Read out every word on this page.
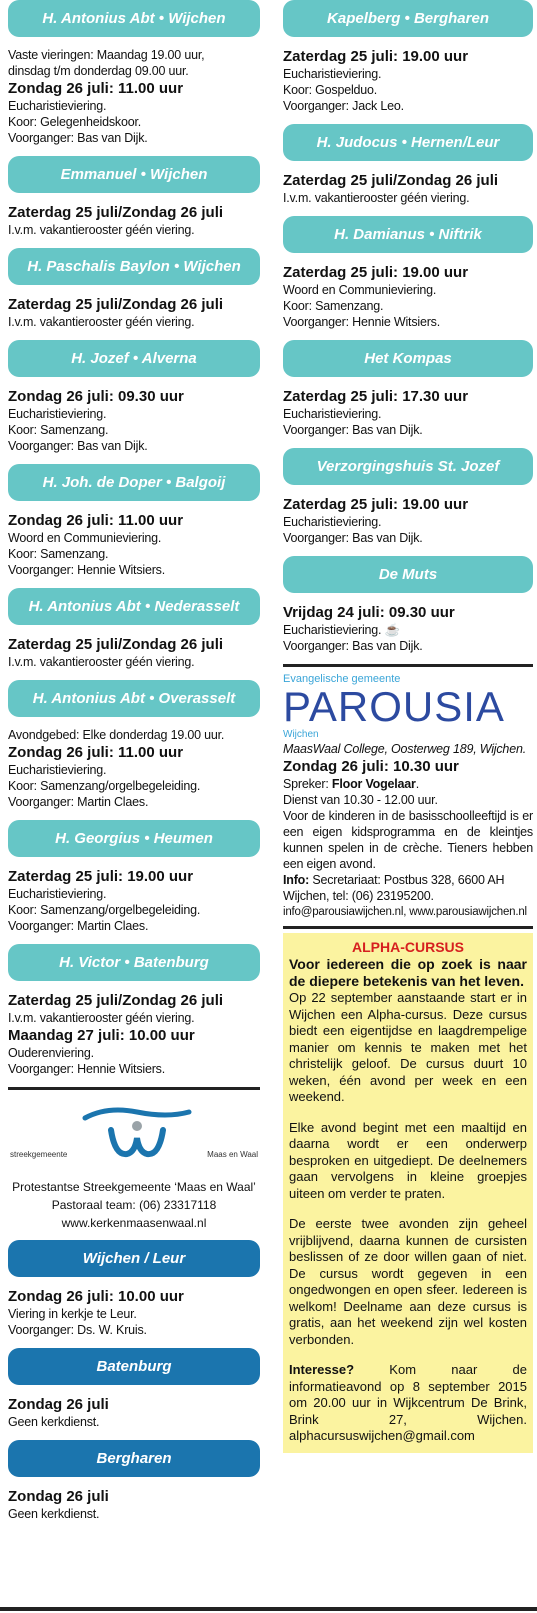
H. Antonius Abt • Wijchen
Vaste vieringen: Maandag 19.00 uur,
dinsdag t/m donderdag 09.00 uur.
Zondag 26 juli: 11.00 uur
Eucharistieviering.
Koor: Gelegenheidskoor.
Voorganger: Bas van Dijk.
Emmanuel • Wijchen
Zaterdag 25 juli/Zondag 26 juli
I.v.m. vakantierooster géén viering.
H. Paschalis Baylon • Wijchen
Zaterdag 25 juli/Zondag 26 juli
I.v.m. vakantierooster géén viering.
H. Jozef • Alverna
Zondag 26 juli: 09.30 uur
Eucharistieviering.
Koor: Samenzang.
Voorganger: Bas van Dijk.
H. Joh. de Doper • Balgoij
Zondag 26 juli: 11.00 uur
Woord en Communieviering.
Koor: Samenzang.
Voorganger: Hennie Witsiers.
H. Antonius Abt • Nederasselt
Zaterdag 25 juli/Zondag 26 juli
I.v.m. vakantierooster géén viering.
H. Antonius Abt • Overasselt
Avondgebed: Elke donderdag 19.00 uur.
Zondag 26 juli: 11.00 uur
Eucharistieviering.
Koor: Samenzang/orgelbegeleiding.
Voorganger: Martin Claes.
H. Georgius • Heumen
Zaterdag 25 juli: 19.00 uur
Eucharistieviering.
Koor: Samenzang/orgelbegeleiding.
Voorganger: Martin Claes.
H. Victor • Batenburg
Zaterdag 25 juli/Zondag 26 juli
I.v.m. vakantierooster géén viering.
Maandag 27 juli: 10.00 uur
Ouderenviering.
Voorganger: Hennie Witsiers.
streekgemeente	Maas en Waal
Protestantse Streekgemeente ‘Maas en Waal’
Pastoraal team: (06) 23317118
www.kerkenmaasenwaal.nl
Wijchen / Leur
Zondag 26 juli: 10.00 uur
Viering in kerkje te Leur.
Voorganger: Ds. W. Kruis.
Batenburg
Zondag 26 juli
Geen kerkdienst.
Bergharen
Zondag 26 juli
Geen kerkdienst.
Kapelberg • Bergharen
Zaterdag 25 juli: 19.00 uur
Eucharistieviering.
Koor: Gospelduo.
Voorganger: Jack Leo.
H. Judocus • Hernen/Leur
Zaterdag 25 juli/Zondag 26 juli
I.v.m. vakantierooster géén viering.
H. Damianus • Niftrik
Zaterdag 25 juli: 19.00 uur
Woord en Communieviering.
Koor: Samenzang.
Voorganger: Hennie Witsiers.
Het Kompas
Zaterdag 25 juli: 17.30 uur
Eucharistieviering.
Voorganger: Bas van Dijk.
Verzorgingshuis St. Jozef
Zaterdag 25 juli: 19.00 uur
Eucharistieviering.
Voorganger: Bas van Dijk.
De Muts
Vrijdag 24 juli: 09.30 uur
Eucharistieviering. ☕
Voorganger: Bas van Dijk.
Evangelische gemeente
PAROUSIA
Wijchen
MaasWaal College, Oosterweg 189, Wijchen.
Zondag 26 juli: 10.30 uur
Spreker: Floor Vogelaar.
Dienst van 10.30 - 12.00 uur.
Voor de kinderen in de basisschoolleeftijd is er een eigen kidsprogramma en de kleintjes kunnen spelen in de crèche. Tieners hebben een eigen avond.
Info: Secretariaat: Postbus 328, 6600 AH Wijchen, tel: (06) 23195200.
info@parousiawijchen.nl, www.parousiawijchen.nl
ALPHA-CURSUS
Voor iedereen die op zoek is naar de diepere betekenis van het leven.

Op 22 september aanstaande start er in Wijchen een Alpha-cursus. Deze cursus biedt een eigentijdse en laagdrempelige manier om kennis te maken met het christelijk geloof. De cursus duurt 10 weken, één avond per week en een weekend.

Elke avond begint met een maaltijd en daarna wordt er een onderwerp besproken en uitgediept. De deelnemers gaan vervolgens in kleine groepjes uiteen om verder te praten.

De eerste twee avonden zijn geheel vrijblijvend, daarna kunnen de cursisten beslissen of ze door willen gaan of niet. De cursus wordt gegeven in een ongedwongen en open sfeer. Iedereen is welkom! Deelname aan deze cursus is gratis, aan het weekend zijn wel kosten verbonden.

Interesse? Kom naar de informatieavond op 8 september 2015 om 20.00 uur in Wijkcentrum De Brink, Brink 27, Wijchen. alphacursuswijchen@gmail.com
